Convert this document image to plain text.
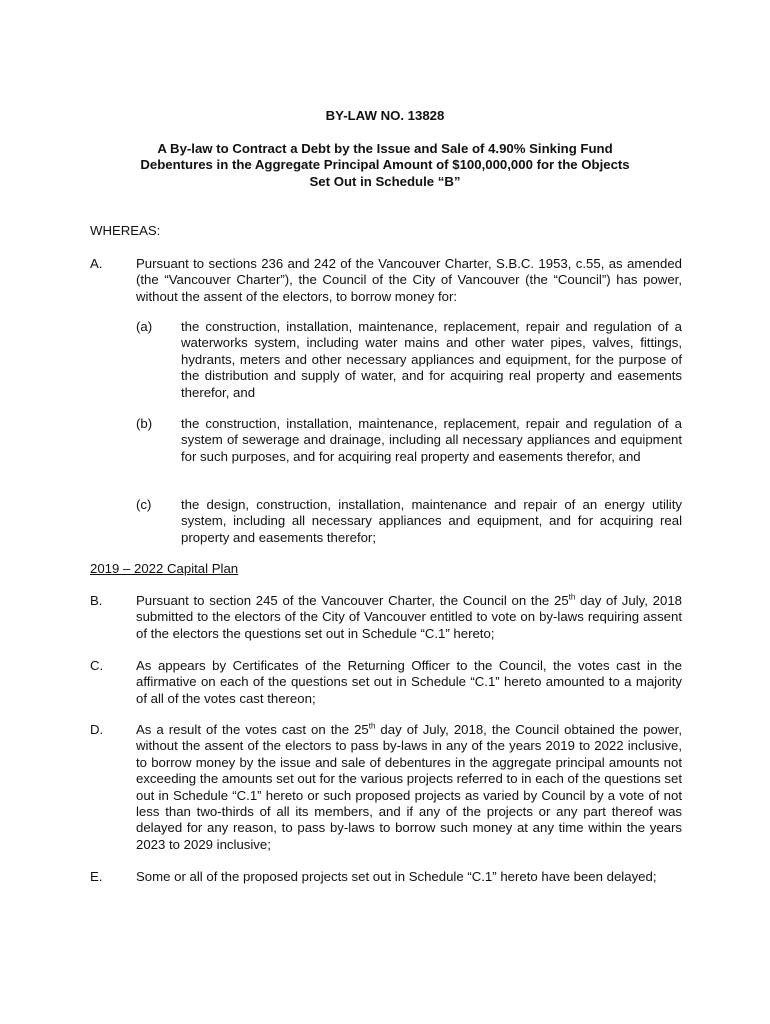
BY-LAW NO. 13828
A By-law to Contract a Debt by the Issue and Sale of 4.90% Sinking Fund Debentures in the Aggregate Principal Amount of $100,000,000 for the Objects Set Out in Schedule “B”
WHEREAS:
A.	Pursuant to sections 236 and 242 of the Vancouver Charter, S.B.C. 1953, c.55, as amended (the “Vancouver Charter”), the Council of the City of Vancouver (the “Council”) has power, without the assent of the electors, to borrow money for:
(a) the construction, installation, maintenance, replacement, repair and regulation of a waterworks system, including water mains and other water pipes, valves, fittings, hydrants, meters and other necessary appliances and equipment, for the purpose of the distribution and supply of water, and for acquiring real property and easements therefor, and
(b) the construction, installation, maintenance, replacement, repair and regulation of a system of sewerage and drainage, including all necessary appliances and equipment for such purposes, and for acquiring real property and easements therefor, and
(c) the design, construction, installation, maintenance and repair of an energy utility system, including all necessary appliances and equipment, and for acquiring real property and easements therefor;
2019 – 2022 Capital Plan
B.	Pursuant to section 245 of the Vancouver Charter, the Council on the 25th day of July, 2018 submitted to the electors of the City of Vancouver entitled to vote on by-laws requiring assent of the electors the questions set out in Schedule “C.1” hereto;
C. As appears by Certificates of the Returning Officer to the Council, the votes cast in the affirmative on each of the questions set out in Schedule “C.1” hereto amounted to a majority of all of the votes cast thereon;
D. As a result of the votes cast on the 25th day of July, 2018, the Council obtained the power, without the assent of the electors to pass by-laws in any of the years 2019 to 2022 inclusive, to borrow money by the issue and sale of debentures in the aggregate principal amounts not exceeding the amounts set out for the various projects referred to in each of the questions set out in Schedule “C.1” hereto or such proposed projects as varied by Council by a vote of not less than two-thirds of all its members, and if any of the projects or any part thereof was delayed for any reason, to pass by-laws to borrow such money at any time within the years 2023 to 2029 inclusive;
E.	Some or all of the proposed projects set out in Schedule “C.1” hereto have been delayed;
